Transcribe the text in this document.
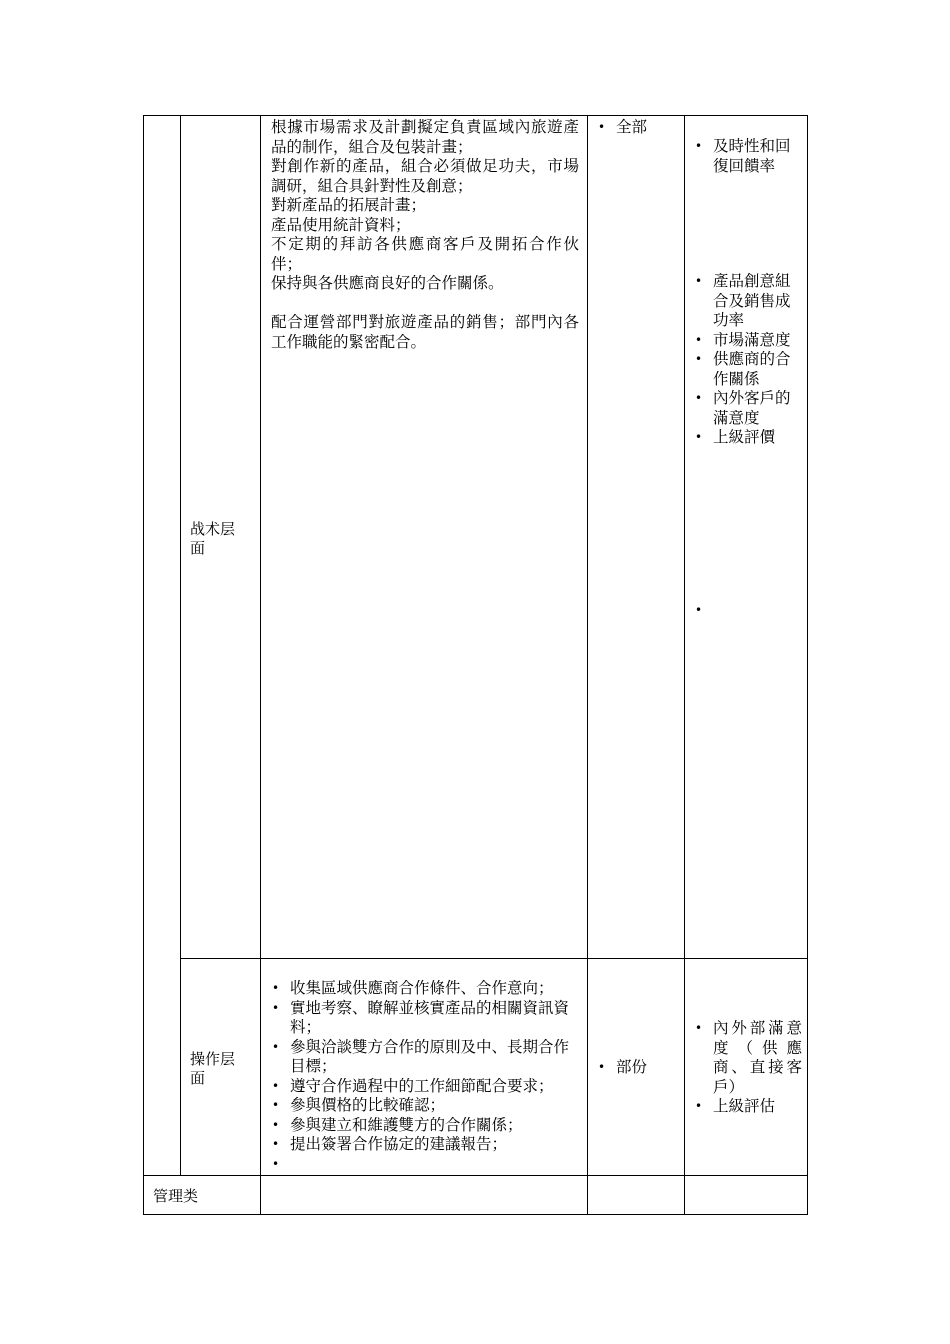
战术层
面

根據市場需求及計劃擬定負責區域內旅遊產品的制作，組合及包裝計畫；

對創作新的產品，組合必須做足功夫，市場調研，組合具針對性及創意；

對新產品的拓展計畫；

產品使用統計資料；

不定期的拜訪各供應商客戶及開拓合作伙伴；

保持與各供應商良好的合作關係。

配合運營部門對旅遊產品的銷售；部門內各工作職能的緊密配合。

• 全部
• 及時性和回復回饋率
• 產品創意組合及銷售成功率
• 市場滿意度
• 供應商的合作關係
• 內外客戶的滿意度
• 上級評價
•
操作层
面
• 收集區域供應商合作條件、合作意向；
• 實地考察、瞭解並核實產品的相關資訊資料；
• 參與洽談雙方合作的原則及中、長期合作目標；
• 遵守合作過程中的工作細節配合要求；
• 參與價格的比較確認；
• 參與建立和維護雙方的合作關係；
• 提出簽署合作協定的建議報告；
•
• 部份
• 內外部滿意度（供應商、直接客戶）
• 上級評估
管理类
